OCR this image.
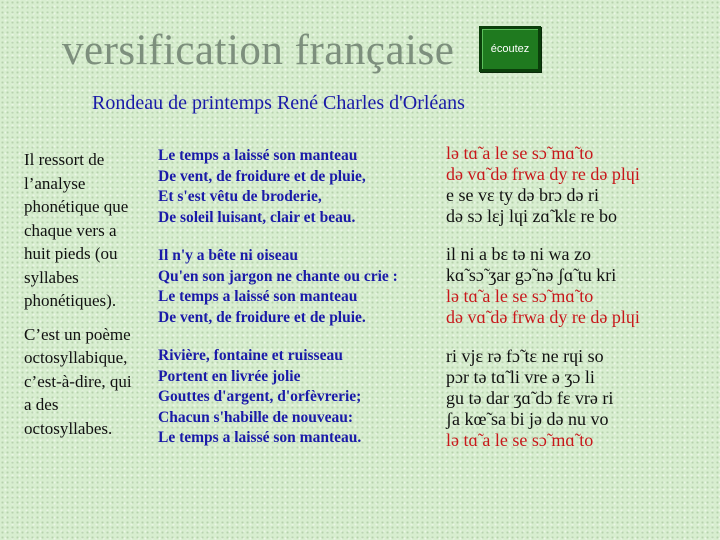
versification française	écoutez
Rondeau de printemps René Charles d'Orléans

Il ressort de
l’analyse
phonétique que
chaque vers a
huit pieds (ou
syllabes
phonétiques).

C’est un poème
octosyllabique,
c’est-à-dire, qui
a des
octosyllabes.

Le temps a laissé son manteau
De vent, de froidure et de pluie,
Et s'est vêtu de broderie,
De soleil luisant, clair et beau.
Il n'y a bête ni oiseau
Qu'en son jargon ne chante ou crie :
Le temps a laissé son manteau
De vent, de froidure et de pluie.
Rivière, fontaine et ruisseau
Portent en livrée jolie
Gouttes d'argent, d'orfèvrerie;
Chacun s'habille de nouveau:
Le temps a laissé son manteau.
lə tɑ̃ a le se sɔ̃ mɑ̃ to
də vɑ̃ də frwa dy re də plɥi
e se vɛ ty də brɔ də ri
də sɔ lɛj lɥi zɑ̃ klɛ re bo
il ni a bɛ tə ni wa zo
kɑ̃ sɔ̃ ʒar gɔ̃ nə ʃɑ̃ tu kri
lə tɑ̃ a le se sɔ̃ mɑ̃ to
də vɑ̃ də frwa dy re də plɥi
ri vjɛ rə fɔ̃ tɛ ne rɥi so
pɔr tə tɑ̃ li vre ə ʒɔ li
gu tə dar ʒɑ̃ dɔ fɛ vrə ri
ʃa kœ̃ sa bi jə də nu vo
lə tɑ̃ a le se sɔ̃ mɑ̃ to
